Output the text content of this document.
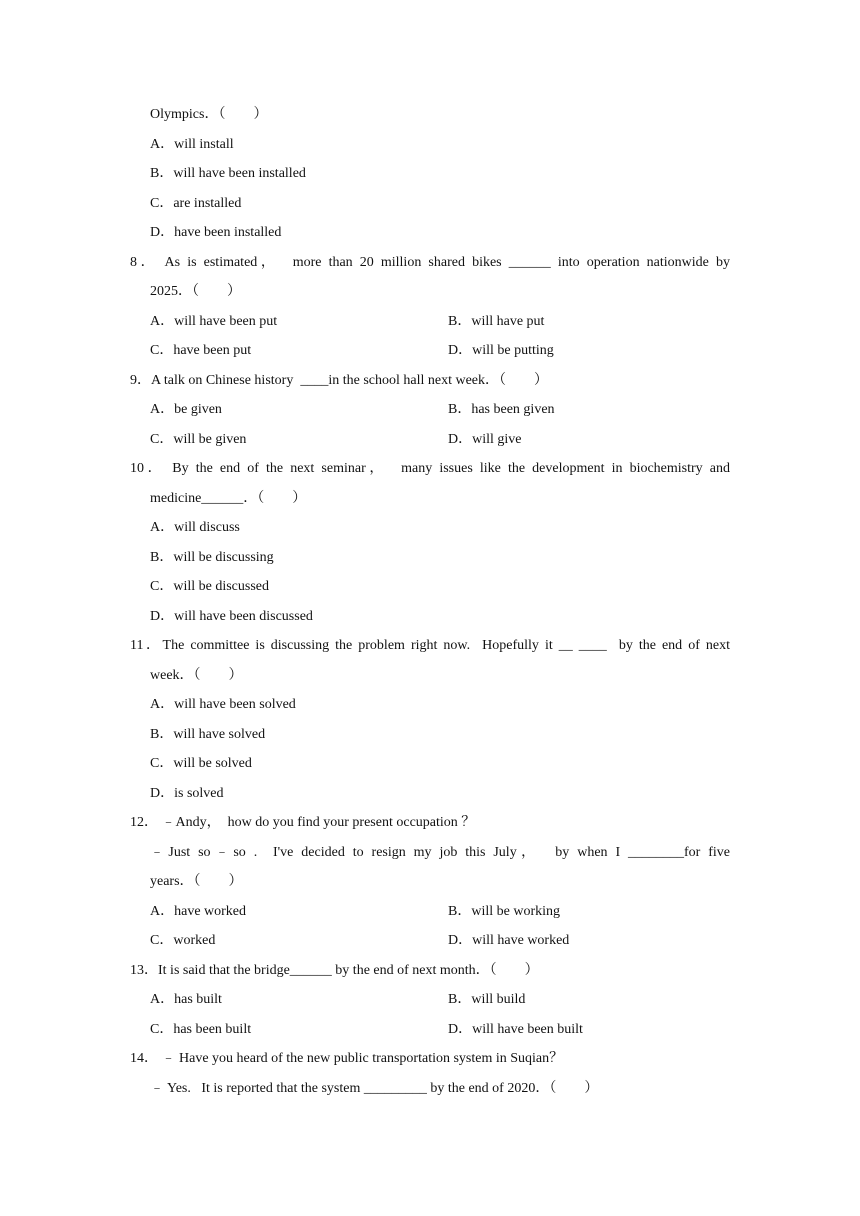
Olympics．（　　）
A．will install
B．will have been installed
C．are installed
D．have been installed
8． As is estimated，  more than 20 million shared bikes ______ into operation nationwide by
2025．（　　）
A．will have been put	B．will have put
C．have been put	D．will be putting
9．A talk on Chinese history  ____in the school hall next week．（　　）
A．be given	B．has been given
C．will be given	D．will give
10． By the end of the next seminar，  many issues like the development in biochemistry and
medicine______．（　　）
A．will discuss
B．will be discussing
C．will be discussed
D．will have been discussed
11．The committee is discussing the problem right now.  Hopefully it __ ____  by the end of next
week．（　　）
A．will have been solved
B．will have solved
C．will be solved
D．is solved
12． ﹣Andy，  how do you find your present occupation ？
﹣Just so﹣so .  I've decided to resign my job this July，  by when I ________for five
years．（　　）
A．have worked	B．will be working
C．worked	D．will have worked
13．It is said that the bridge______ by the end of next month．（　　）
A．has built	B．will build
C．has been built	D．will have been built
14． ﹣ Have you heard of the new public transportation system in Suqian？
﹣ Yes.   It is reported that the system _________ by the end of 2020．（　　）
